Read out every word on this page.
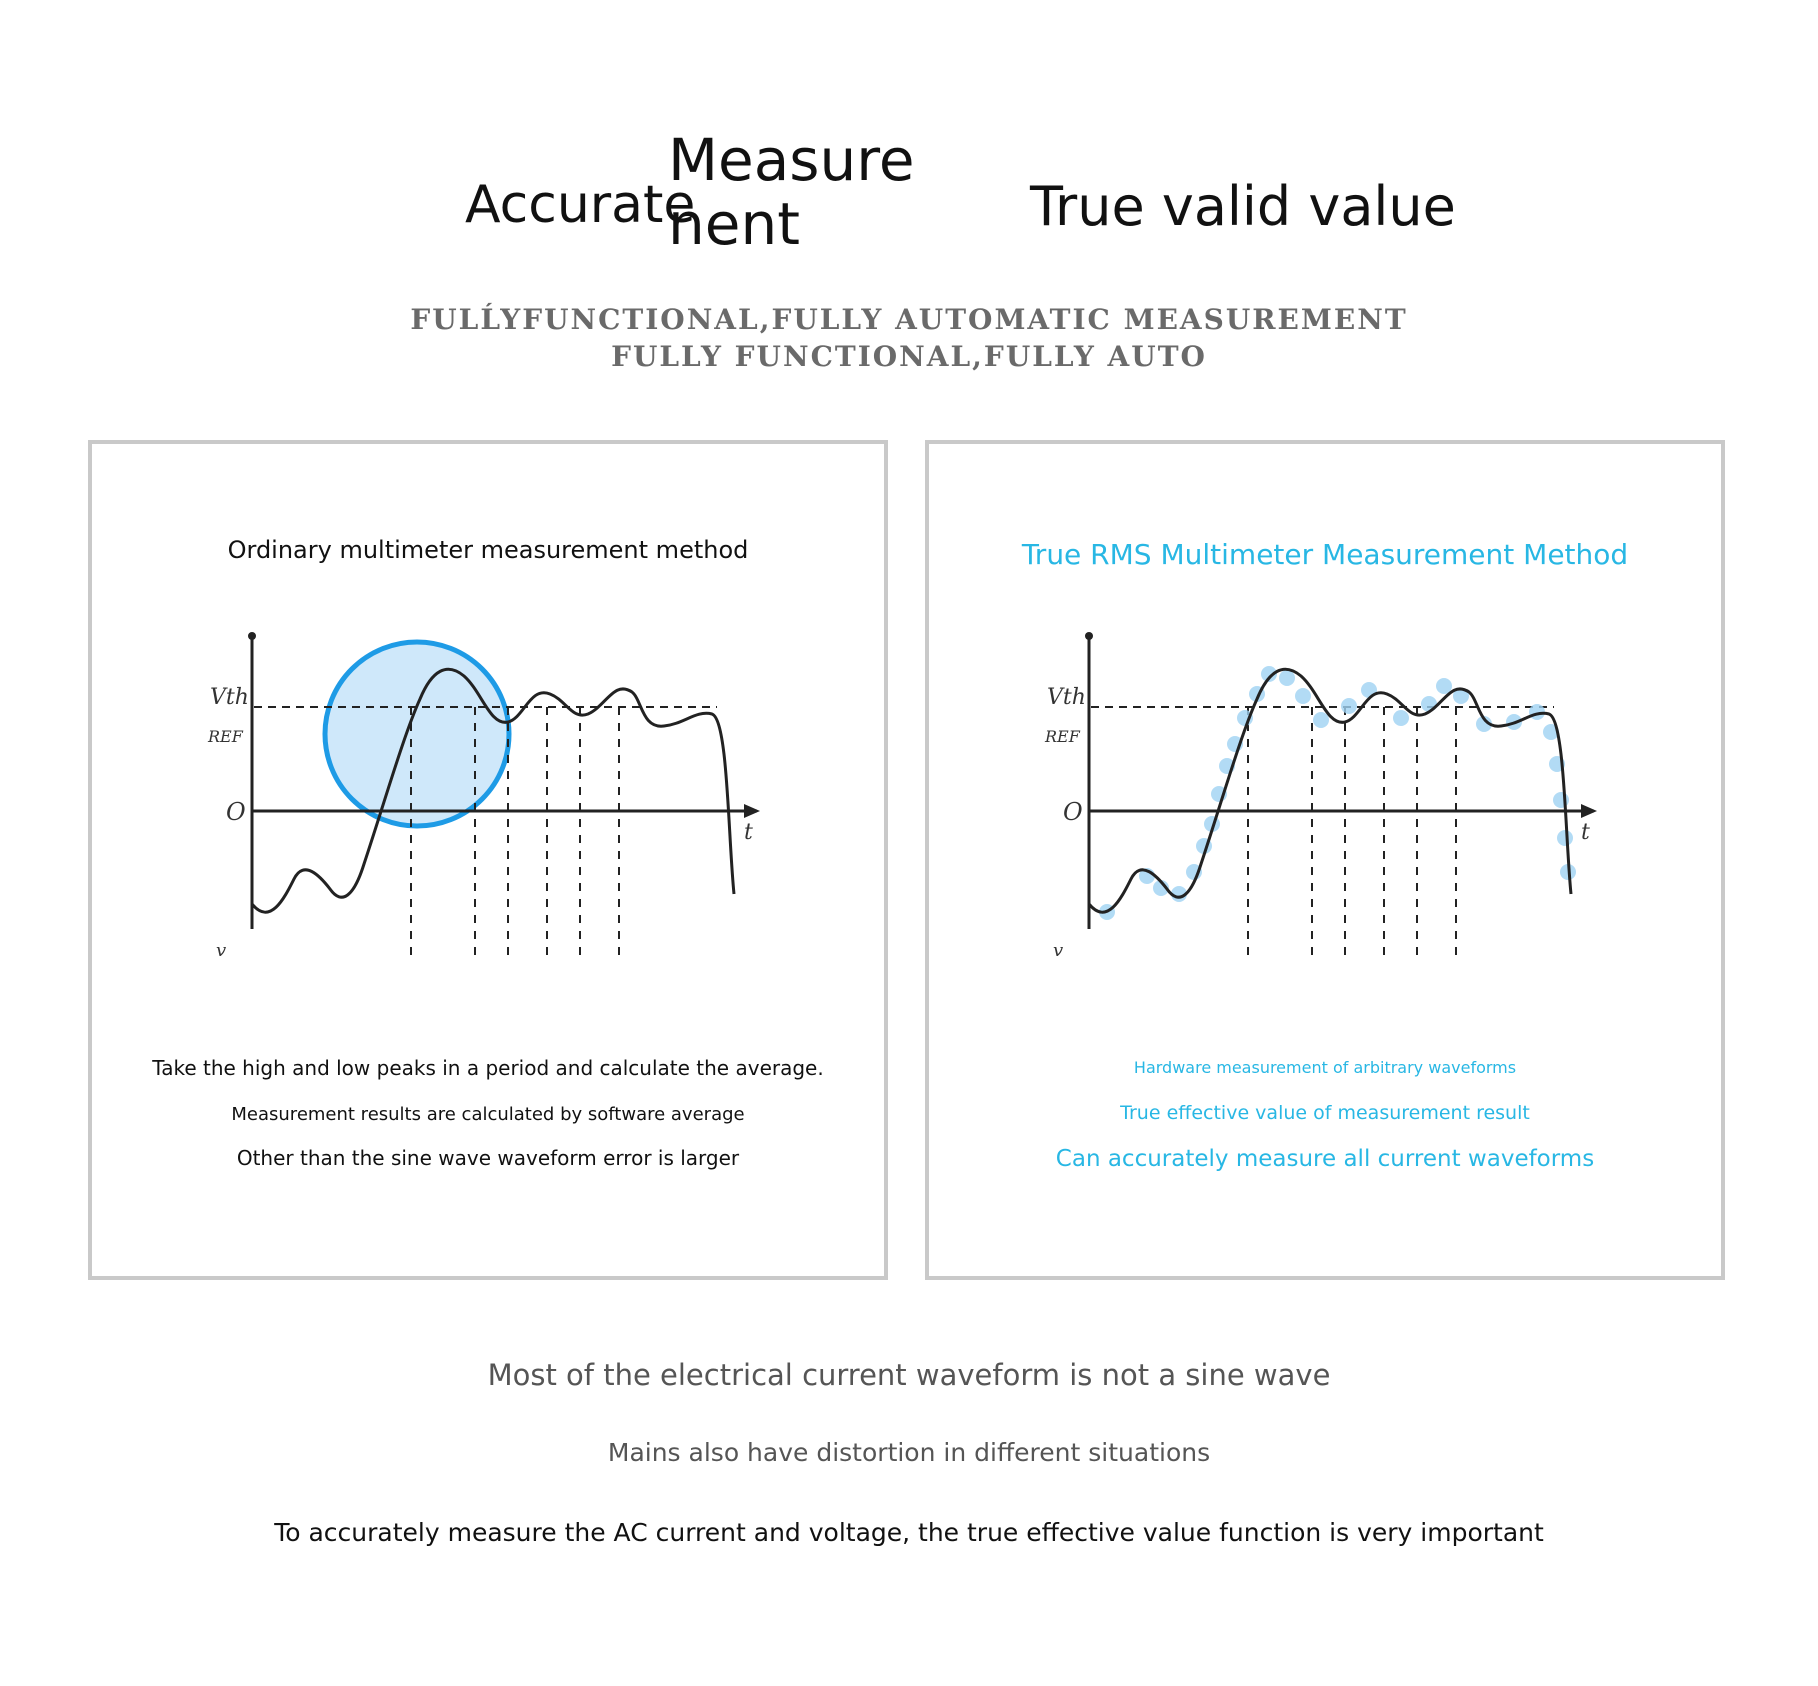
Accurate
Measure nent	True valid value
FULĹYFUNCTIONAL,FULLY AUTOMATIC MEASUREMENT
FULLY FUNCTIONAL,FULLY AUTO
Ordinary multimeter measurement method
Vth
REF
O
t
v
Take the high and low peaks in a period and calculate the average.
Measurement results are calculated by software average
Other than the sine wave waveform error is larger
True RMS Multimeter Measurement Method
Vth
REF
O
t
v
Hardware measurement of arbitrary waveforms
True effective value of measurement result
Can accurately measure all current waveforms
Most of the electrical current waveform is not a sine wave
Mains also have distortion in different situations
To accurately measure the AC current and voltage, the true effective value function is very important
